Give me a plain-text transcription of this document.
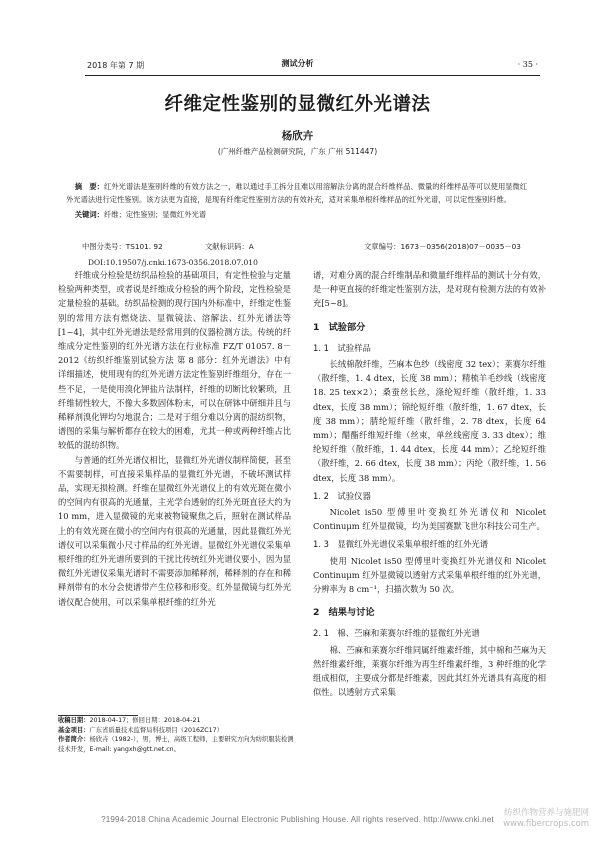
2018 年第 7 期	测试分析	· 35 ·
纤维定性鉴别的显微红外光谱法
杨欣卉
(广州纤维产品检测研究院，广东 广州 511447)
摘　要：红外光谱法是鉴别纤维的有效方法之一，难以通过手工拆分且难以用溶解法分离的混合纤维样品、微量的纤维样品等可以使用显微红外光谱法进行定性鉴别。该方法更为直接，是现有纤维定性鉴别方法的有效补充，适对采集单根纤维样品的红外光谱，可以定性鉴别纤维。
关键词：纤维；定性鉴别；显微红外光谱
中图分类号：TS101. 92	文献标识码：A	文章编号：1673－0356(2018)07－0035－03
DOI:10.19507/j.cnki.1673-0356.2018.07.010

纤维成分检验是纺织品检验的基础项目，有定性检验与定量检验两种类型，或者说是纤维成分检验的两个阶段，定性检验是定量检验的基础。纺织品检测的现行国内外标准中，纤维定性鉴别的常用方法有燃烧法、显微镜法、溶解法、红外光谱法等[1~4]，其中红外光谱法是经常用到的仪器检测方法。传统的纤维成分定性鉴别的红外光谱方法在行业标准 FZ/T 01057. 8－2012《纺织纤维鉴别试验方法 第 8 部分：红外光谱法》中有详细描述，使用现有的红外光谱方法定性鉴别纤维组分，存在一些不足，一是使用溴化钾盐片法制样，纤维的切断比较繁琐，且纤维韧性较大，不像大多数固体粉末，可以在研钵中研细并且与稀释剂溴化钾均匀地混合；二是对于组分难以分离的混纺织物，谱图的采集与解析都存在较大的困难，尤其一种或两种纤维占比较低的混纺织物。

与普通的红外光谱仪相比，显微红外光谱仪制样简便，甚至不需要制样，可直接采集样品的显微红外光谱，不破坏测试样品，实现无损检测。纤维在显微红外光谱仪上的有效光斑在微小的空间内有很高的光通量，主光学台透射的红外光斑直径大约为 10 mm，进入显微镜的光束被物镜聚焦之后，照射在测试样品上的有效光斑在微小的空间内有很高的光通量，因此显微红外光谱仪可以采集微小尺寸样品的红外光谱。显微红外光谱仪采集单根纤维的红外光谱所要到的干扰比传统红外光谱仪要小，因为显微红外光谱仪采集光谱时不需要添加稀释剂，稀释剂的存在和稀释剂带有的水分会使谱带产生位移和形变。红外显微镜与红外光谱仪配合使用，可以采集单根纤维的红外光

谱，对难分离的混合纤维制品和微量纤维样品的测试十分有效，是一种更直接的纤维定性鉴别方法，是对现有检测方法的有效补充[5~8]。

1　试验部分
1. 1　试验样品

长绒棉散纤维，苎麻本色纱（线密度 32 tex）；莱赛尔纤维（散纤维，1. 4 dtex，长度 38 mm）；精梳羊毛纱线（线密度 18. 25 tex×2）；桑蚕丝长丝，涤纶短纤维（散纤维，1. 33 dtex，长度 38 mm）；锦纶短纤维（散纤维，1. 67 dtex，长度 38 mm）；腈纶短纤维（散纤维，2. 78 dtex，长度 64 mm）；醋酯纤维短纤维（丝束，单丝线密度 3. 33 dtex）；维纶短纤维（散纤维，1. 44 dtex，长度 44 mm）；乙纶短纤维（散纤维，2. 66 dtex，长度 38 mm）；丙纶（散纤维，1. 56 dtex，长度 38 mm）。

1. 2　试验仪器

Nicolet is50 型傅里叶变换红外光谱仪和 Nicolet Continuμm 红外显微镜，均为美国赛默飞世尔科技公司生产。

1. 3　显微红外光谱仪采集单根纤维的红外光谱

使用 Nicolet is50 型傅里叶变换红外光谱仪和 Nicolet Continuμm 红外显微镜以透射方式采集单根纤维的红外光谱，分辨率为 8 cm⁻¹，扫描次数为 50 次。

2　结果与讨论
2. 1　棉、苎麻和莱赛尔纤维的显微红外光谱

棉、苎麻和莱赛尔纤维同属纤维素纤维，其中棉和苎麻为天然纤维素纤维，莱赛尔纤维为再生纤维素纤维，3 种纤维的化学组成相似，主要成分都是纤维素，因此其红外光谱具有高度的相似性。以透射方式采集

收稿日期：2018-04-17；修回日期：2018-04-21
基金项目：广东省质量技术监督局科技项目（2016ZC17）
作者简介：杨欣卉（1982-），男，博士，高级工程师，主要研究方向为纺织服装检测技术开发，E-mail: yangxh@gtt.net.cn。
?1994-2018 China Academic Journal Electronic Publishing House. All rights reserved. http://www.cnki.net
纺织作物营养与施肥网
www.fibercrops.com
